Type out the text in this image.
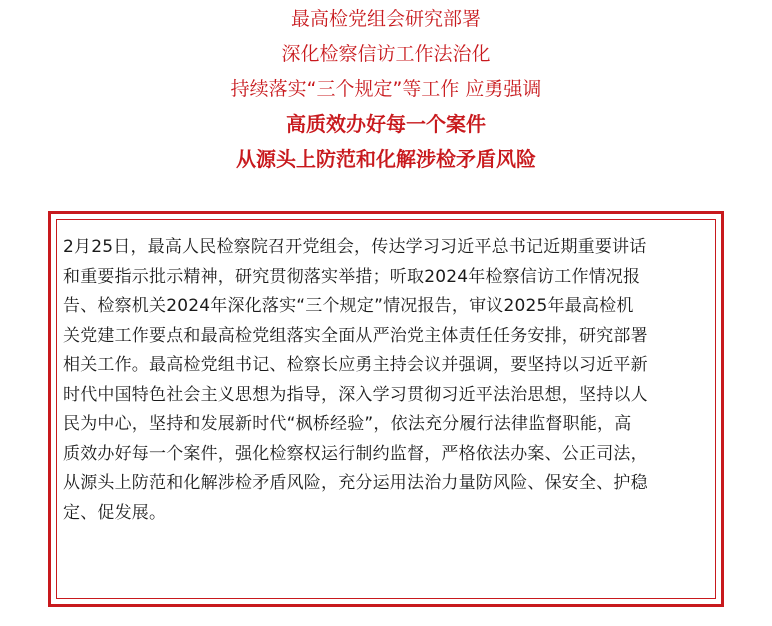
最高检党组会研究部署
深化检察信访工作法治化
持续落实“三个规定”等工作 应勇强调
高质效办好每一个案件
从源头上防范和化解涉检矛盾风险

2月25日，最高人民检察院召开党组会，传达学习习近平总书记近期重要讲话
和重要指示批示精神，研究贯彻落实举措；听取2024年检察信访工作情况报
告、检察机关2024年深化落实“三个规定”情况报告，审议2025年最高检机
关党建工作要点和最高检党组落实全面从严治党主体责任任务安排，研究部署
相关工作。最高检党组书记、检察长应勇主持会议并强调，要坚持以习近平新
时代中国特色社会主义思想为指导，深入学习贯彻习近平法治思想，坚持以人
民为中心，坚持和发展新时代“枫桥经验”，依法充分履行法律监督职能，高
质效办好每一个案件，强化检察权运行制约监督，严格依法办案、公正司法，
从源头上防范和化解涉检矛盾风险，充分运用法治力量防风险、保安全、护稳
定、促发展。
